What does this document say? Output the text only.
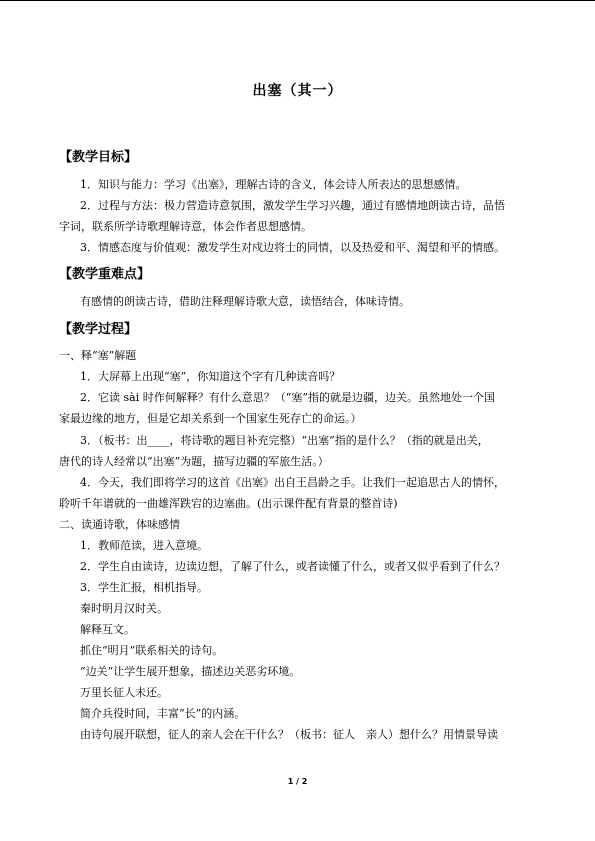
出塞（其一）
【教学目标】
1．知识与能力：学习《出塞》，理解古诗的含义，体会诗人所表达的思想感情。
2．过程与方法：极力营造诗意氛围，激发学生学习兴趣，通过有感情地朗读古诗，品悟
字词，联系所学诗歌理解诗意，体会作者思想感情。
3．情感态度与价值观：激发学生对戍边将士的同情，以及热爱和平、渴望和平的情感。
【教学重难点】
有感情的朗读古诗，借助注释理解诗歌大意，读悟结合，体味诗情。
【教学过程】
一、释“塞”解题
1．大屏幕上出现“塞”，你知道这个字有几种读音吗？
2．它读 sài 时作何解释？有什么意思？（“塞”指的就是边疆，边关。虽然地处一个国
家最边缘的地方，但是它却关系到一个国家生死存亡的命运。）
3．（板书：出____，将诗歌的题目补充完整）“出塞”指的是什么？（指的就是出关，
唐代的诗人经常以“出塞”为题，描写边疆的军旅生活。）
4．今天，我们即将学习的这首《出塞》出自王昌龄之手。让我们一起追思古人的情怀，
聆听千年谱就的一曲雄浑跌宕的边塞曲。(出示课件配有背景的整首诗)
二、读通诗歌，体味感情
1．教师范读，进入意境。
2．学生自由读诗，边读边想，了解了什么，或者读懂了什么，或者又似乎看到了什么？
3．学生汇报，相机指导。
秦时明月汉时关。
解释互文。
抓住“明月”联系相关的诗句。
“边关”让学生展开想象，描述边关恶劣环境。
万里长征人未还。
简介兵役时间，丰富“长”的内涵。
由诗句展开联想，征人的亲人会在干什么？（板书：征人　亲人）想什么？用情景导读
1 / 2
